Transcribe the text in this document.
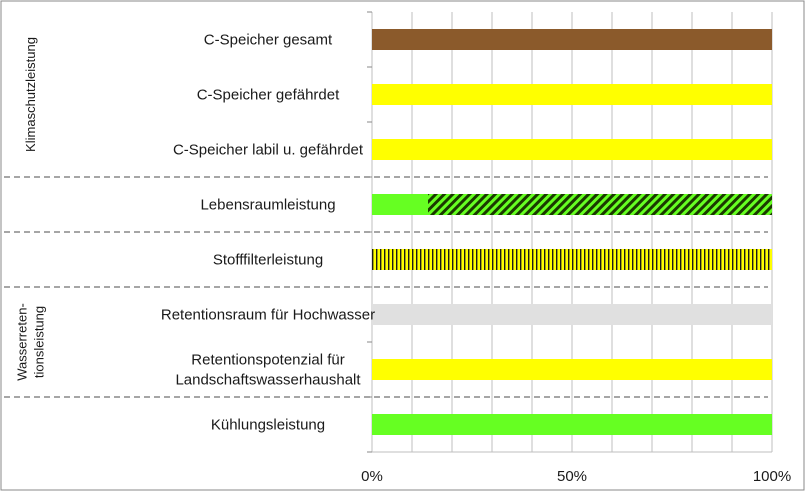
C-Speicher gesamt
C-Speicher gefährdet
C-Speicher labil u. gefährdet
Lebensraumleistung
Stofffilterleistung
Retentionsraum für Hochwasser
Retentionspotenzial für
Landschaftswasserhaushalt
Kühlungsleistung
Klimaschutzleistung
Wasserreten- tionsleistung
0%	50%	100%
